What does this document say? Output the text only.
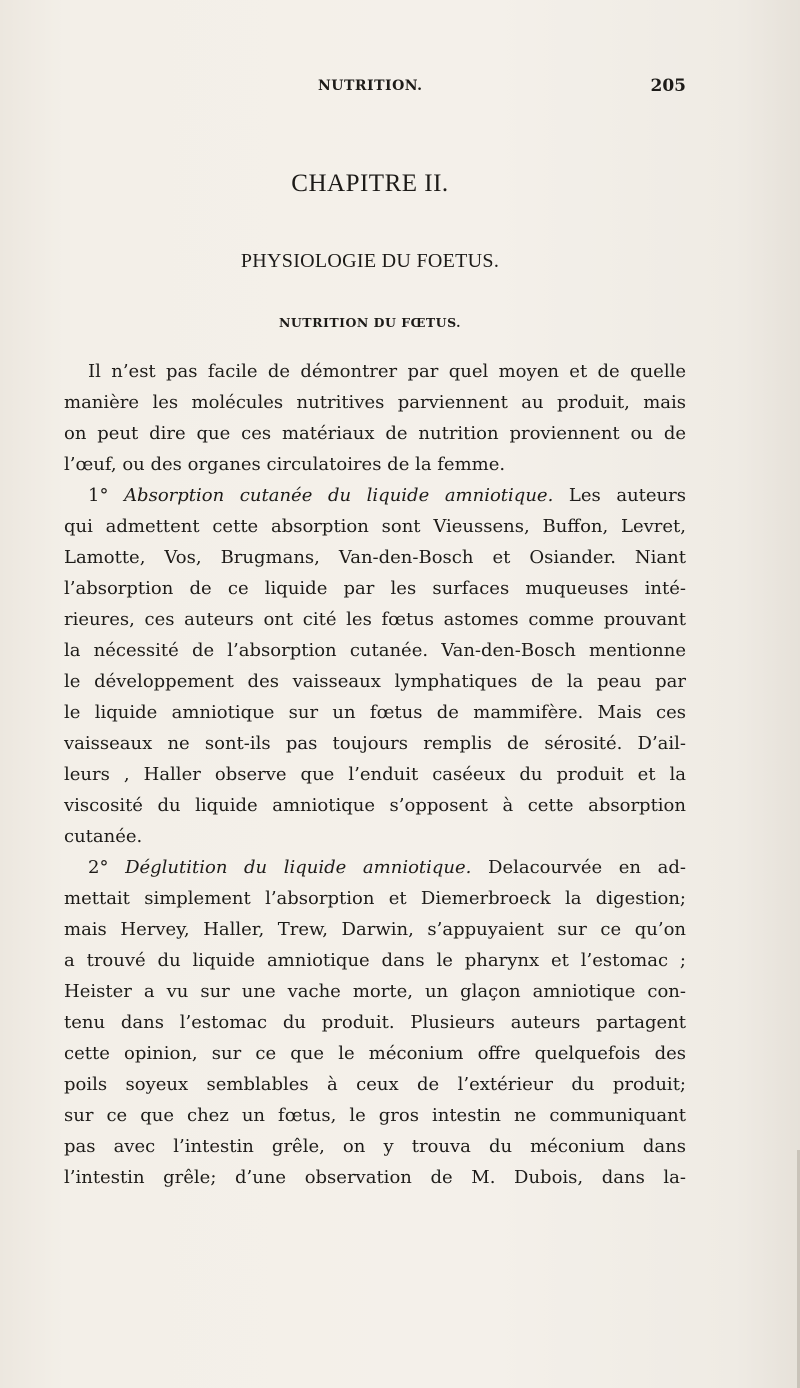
NUTRITION.	205
CHAPITRE II.
PHYSIOLOGIE DU FOETUS.
NUTRITION DU FŒTUS.
Il n’est pas facile de démontrer par quel moyen et de quelle
manière les molécules nutritives parviennent au produit, mais
on peut dire que ces matériaux de nutrition proviennent ou de
l’œuf, ou des organes circulatoires de la femme.
1° Absorption cutanée du liquide amniotique. Les auteurs
qui admettent cette absorption sont Vieussens, Buffon, Levret,
Lamotte, Vos, Brugmans, Van-den-Bosch et Osiander. Niant
l’absorption de ce liquide par les surfaces muqueuses inté-
rieures, ces auteurs ont cité les fœtus astomes comme prouvant
la nécessité de l’absorption cutanée. Van-den-Bosch mentionne
le développement des vaisseaux lymphatiques de la peau par
le liquide amniotique sur un fœtus de mammifère. Mais ces
vaisseaux ne sont-ils pas toujours remplis de sérosité. D’ail-
leurs , Haller observe que l’enduit caséeux du produit et la
viscosité du liquide amniotique s’opposent à cette absorption
cutanée.
2° Déglutition du liquide amniotique. Delacourvée en ad-
mettait simplement l’absorption et Diemerbroeck la digestion;
mais Hervey, Haller, Trew, Darwin, s’appuyaient sur ce qu’on
a trouvé du liquide amniotique dans le pharynx et l’estomac ;
Heister a vu sur une vache morte, un glaçon amniotique con-
tenu dans l’estomac du produit. Plusieurs auteurs partagent
cette opinion, sur ce que le méconium offre quelquefois des
poils soyeux semblables à ceux de l’extérieur du produit;
sur ce que chez un fœtus, le gros intestin ne communiquant
pas avec l’intestin grêle, on y trouva du méconium dans
l’intestin grêle; d’une observation de M. Dubois, dans la-
